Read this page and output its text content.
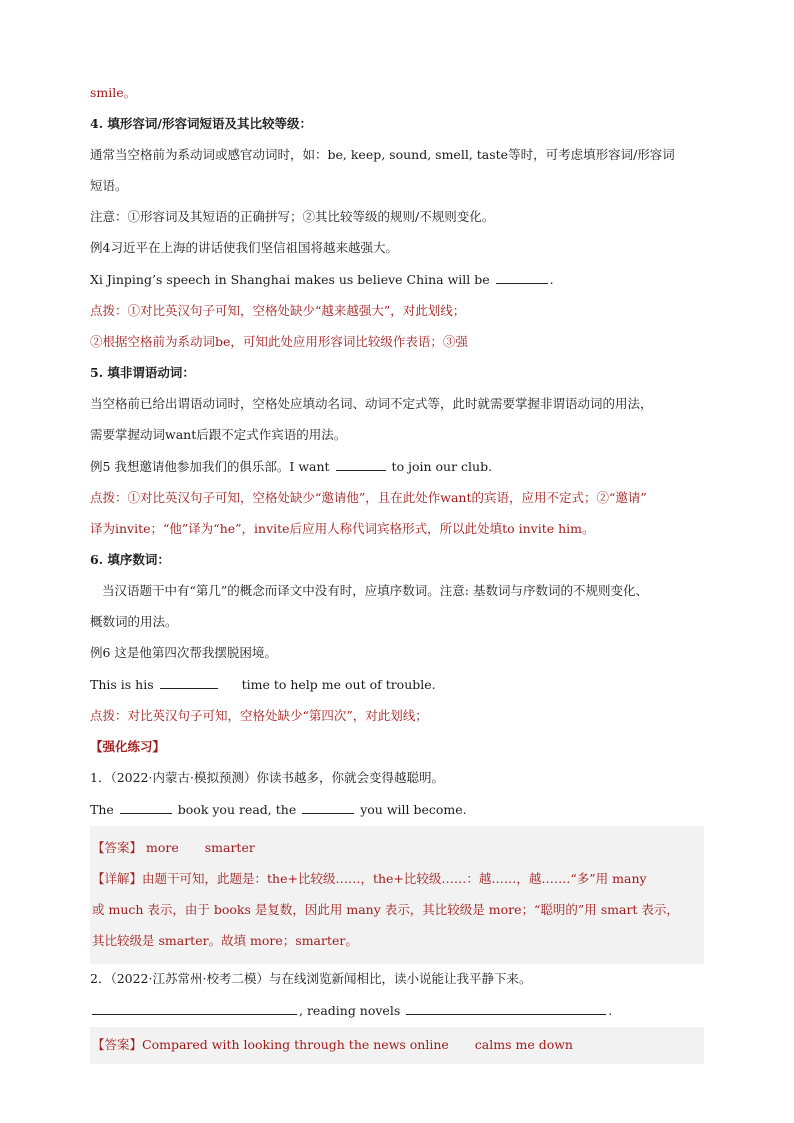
smile。

4. 填形容词/形容词短语及其比较等级：

通常当空格前为系动词或感官动词时，如：be, keep, sound, smell, taste等时，可考虑填形容词/形容词

短语。

注意：①形容词及其短语的正确拼写；②其比较等级的规则/不规则变化。

例4习近平在上海的讲话使我们坚信祖国将越来越强大。

Xi Jinping’s speech in Shanghai makes us believe China will be	.

点拨：①对比英汉句子可知，空格处缺少“越来越强大”，对此划线；

②根据空格前为系动词be，可知此处应用形容词比较级作表语；③强

5. 填非谓语动词：

当空格前已给出谓语动词时，空格处应填动名词、动词不定式等，此时就需要掌握非谓语动词的用法，

需要掌握动词want后跟不定式作宾语的用法。

例5 我想邀请他参加我们的俱乐部。I want	to join our club.

点拨：①对比英汉句子可知，空格处缺少“邀请他”，且在此处作want的宾语，应用不定式；②“邀请”

译为invite；“他”译为“he”，invite后应用人称代词宾格形式，所以此处填to invite him。

6. 填序数词：

当汉语题干中有“第几”的概念而译文中没有时，应填序数词。注意: 基数词与序数词的不规则变化、

概数词的用法。

例6 这是他第四次帮我摆脱困境。

This is his	time to help me out of trouble.

点拨：对比英汉句子可知，空格处缺少“第四次”，对此划线；

【强化练习】

1．（2022·内蒙古·模拟预测）你读书越多，你就会变得越聪明。

The	book you read, the	you will become.

【答案】 more smarter

【详解】由题干可知，此题是：the+比较级……，the+比较级……：越……，越…….“多”用 many

或 much 表示，由于 books 是复数，因此用 many 表示，其比较级是 more；“聪明的”用 smart 表示，

其比较级是 smarter。故填 more；smarter。

2．（2022·江苏常州·校考二模）与在线浏览新闻相比，读小说能让我平静下来。

, reading novels	.

【答案】Compared with looking through the news online calms me down
